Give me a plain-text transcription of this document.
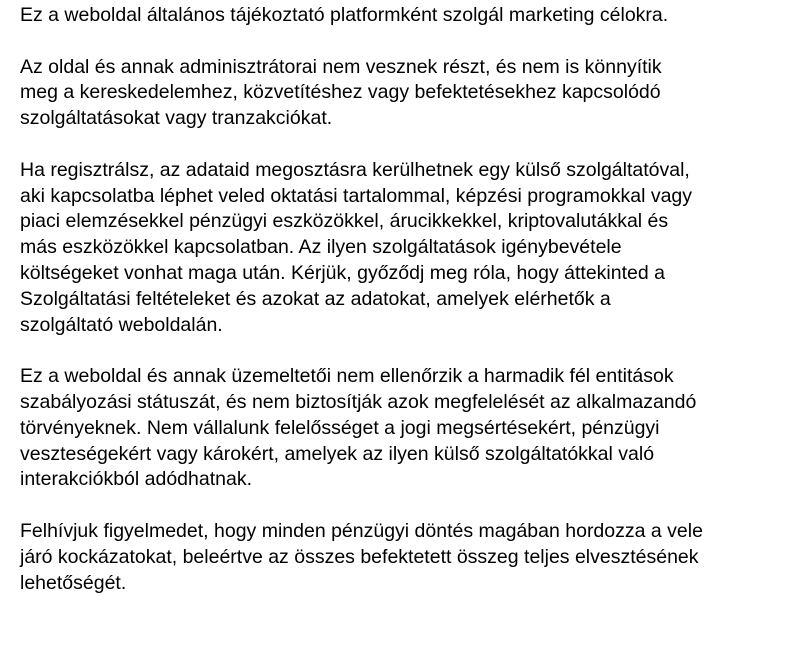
Ez a weboldal általános tájékoztató platformként szolgál marketing célokra.

Az oldal és annak adminisztrátorai nem vesznek részt, és nem is könnyítik
meg a kereskedelemhez, közvetítéshez vagy befektetésekhez kapcsolódó
szolgáltatásokat vagy tranzakciókat.

Ha regisztrálsz, az adataid megosztásra kerülhetnek egy külső szolgáltatóval,
aki kapcsolatba léphet veled oktatási tartalommal, képzési programokkal vagy
piaci elemzésekkel pénzügyi eszközökkel, árucikkekkel, kriptovalutákkal és
más eszközökkel kapcsolatban. Az ilyen szolgáltatások igénybevétele
költségeket vonhat maga után. Kérjük, győződj meg róla, hogy áttekinted a
Szolgáltatási feltételeket és azokat az adatokat, amelyek elérhetők a
szolgáltató weboldalán.

Ez a weboldal és annak üzemeltetői nem ellenőrzik a harmadik fél entitások
szabályozási státuszát, és nem biztosítják azok megfelelését az alkalmazandó
törvényeknek. Nem vállalunk felelősséget a jogi megsértésekért, pénzügyi
veszteségekért vagy károkért, amelyek az ilyen külső szolgáltatókkal való
interakciókból adódhatnak.

Felhívjuk figyelmedet, hogy minden pénzügyi döntés magában hordozza a vele
járó kockázatokat, beleértve az összes befektetett összeg teljes elvesztésének
lehetőségét.
